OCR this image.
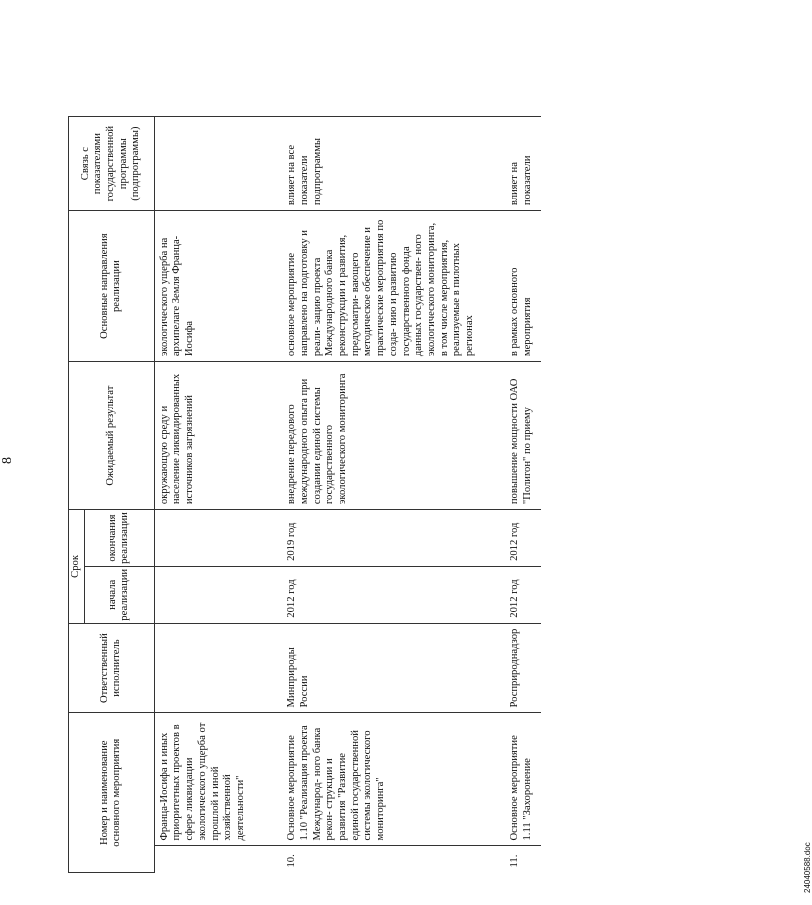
8
Номер и наименование основного мероприятия		Ответственный исполнитель	Срок		Ожидаемый результат	Основные направления реализации	Связь с показателями государственной программы (подпрограммы)
			начала реализации	окончания реализации			
	Франца-Иосифа и иных приоритетных проектов в сфере ликвидации экологического ущерба от прошлой и иной хозяйственной деятельности"				окружающую среду и население ликвидированных источников загрязнений	экологического ущерба на архипелаге Земля Франца-Иосифа	
10.	Основное мероприятие 1.10 "Реализация проекта Международ- ного банка рекон- струкции и развития "Развитие единой государственной системы экологического мониторинга"	Минприроды России	2012 год	2019 год	внедрение передового международного опыта при создании единой системы государственного экологического мониторинга	основное мероприятие направлено на подготовку и реали- зацию проекта Международного банка реконструкции и развития, предусматри- вающего методическое обеспечение и практические мероприятия по созда- нию и развитию государственного фонда данных государствен- ного экологического мониторинга, в том числе мероприятия, реализуемые в пилотных регионах	влияет на все показатели подпрограммы
11.	Основное мероприятие 1.11 "Захоронение	Росприроднадзор	2012 год	2012 год	повышение мощности ОАО "Полигон" по приему	в рамках основного мероприятия	влияет на показатели
24040588.doc
